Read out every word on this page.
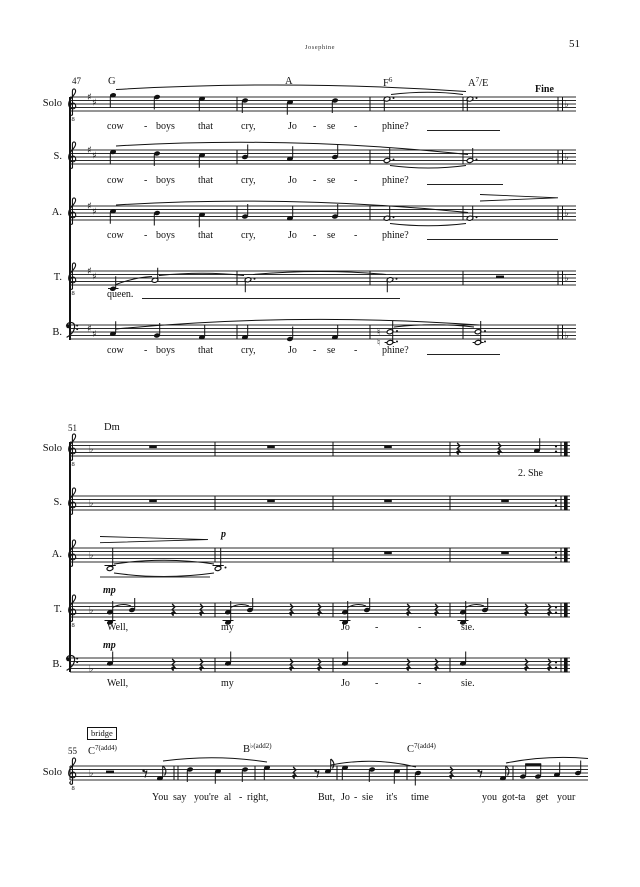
Josephine	51
47	G	A	$F^6$	$A^7/E$
Fine
Solo
S.
A.
T.
B.
8
♯ ♯	♭
♯ ♯	♭
♯ ♯	♭
8
♯ ♯	♭
♯ ♯	♮
♮
♭
cow - boys that	cry,	Jo - se - phine?
cow - boys that	cry,	Jo - se - phine?
cow - boys that	cry,	Jo - se - phine?
queen.
cow - boys that	cry,	Jo - se - phine?
51	Dm
Solo
S.
A.
T.
B.
8
♭
♭
♭
8
♭
♭
p
mp
mp
2. She
Well,	my	Jo	-	-	sie.
Well,	my	Jo	-	-	sie.
bridge
55 $C^{7(add4)}$	$B^{♭(add2)}$	$C^{7(add4)}$
Solo
8
♭
You say you're al - right,	But, Jo - sie it's time	you got-ta get your
